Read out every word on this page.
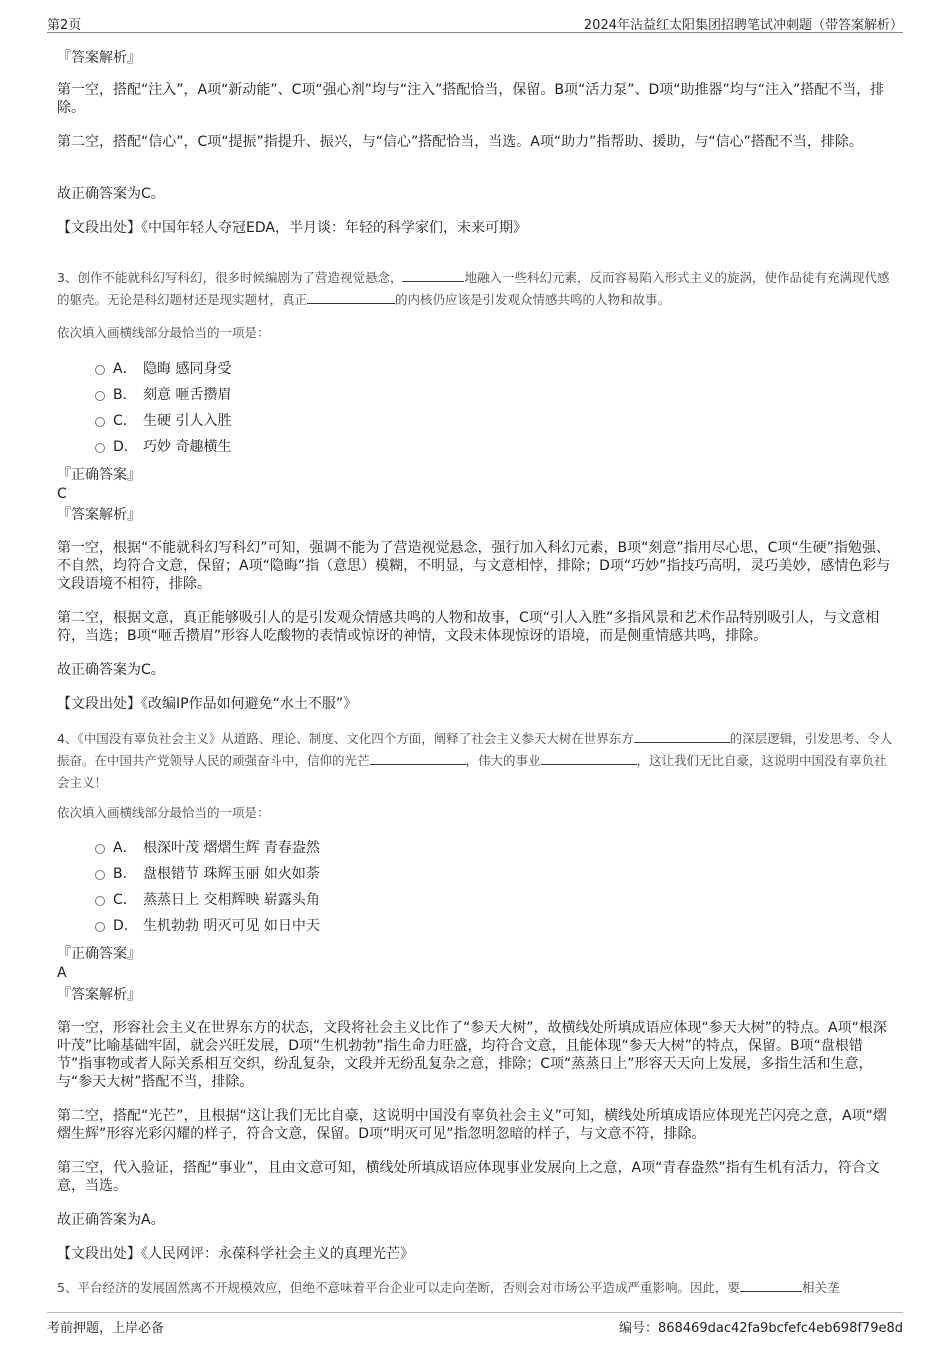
第2页	2024年沾益红太阳集团招聘笔试冲刺题（带答案解析）
『答案解析』

第一空，搭配“注入”，A项“新动能”、C项“强心剂”均与“注入”搭配恰当，保留。B项“活力泵”、D项“助推器”均与“注入”搭配不当，排除。

第二空，搭配“信心”，C项“提振”指提升、振兴，与“信心”搭配恰当，当选。A项“助力”指帮助、援助，与“信心”搭配不当，排除。

故正确答案为C。

【文段出处】《中国年轻人夺冠EDA，半月谈：年轻的科学家们，未来可期》

3、创作不能就科幻写科幻，很多时候编剧为了营造视觉悬念，	地融入一些科幻元素，反而容易陷入形式主义的旋涡，使作品徒有充满现代感的躯壳。无论是科幻题材还是现实题材，真正	的内核仍应该是引发观众情感共鸣的人物和故事。

依次填入画横线部分最恰当的一项是：

A． 隐晦 感同身受
B． 刻意 咂舌攒眉
C． 生硬 引人入胜
D． 巧妙 奇趣横生
『正确答案』
C
『答案解析』

第一空，根据“不能就科幻写科幻”可知，强调不能为了营造视觉悬念，强行加入科幻元素，B项“刻意”指用尽心思，C项“生硬”指勉强、不自然，均符合文意，保留；A项“隐晦”指（意思）模糊，不明显，与文意相悖，排除；D项“巧妙”指技巧高明，灵巧美妙，感情色彩与文段语境不相符，排除。

第二空，根据文意，真正能够吸引人的是引发观众情感共鸣的人物和故事，C项“引人入胜”多指风景和艺术作品特别吸引人，与文意相符，当选；B项“咂舌攒眉”形容人吃酸物的表情或惊讶的神情，文段未体现惊讶的语境，而是侧重情感共鸣，排除。

故正确答案为C。

【文段出处】《改编IP作品如何避免“水土不服”》

4、《中国没有辜负社会主义》从道路、理论、制度、文化四个方面，阐释了社会主义参天大树在世界东方	的深层逻辑，引发思考、令人振奋。在中国共产党领导人民的顽强奋斗中，信仰的光芒	，伟大的事业	，这让我们无比自豪，这说明中国没有辜负社会主义！

依次填入画横线部分最恰当的一项是：

A． 根深叶茂 熠熠生辉 青春盎然
B． 盘根错节 珠辉玉丽 如火如荼
C． 蒸蒸日上 交相辉映 崭露头角
D． 生机勃勃 明灭可见 如日中天
『正确答案』
A
『答案解析』

第一空，形容社会主义在世界东方的状态，文段将社会主义比作了“参天大树”，故横线处所填成语应体现“参天大树”的特点。A项“根深叶茂”比喻基础牢固，就会兴旺发展，D项“生机勃勃”指生命力旺盛，均符合文意，且能体现“参天大树”的特点，保留。B项“盘根错节”指事物或者人际关系相互交织，纷乱复杂，文段并无纷乱复杂之意，排除；C项“蒸蒸日上”形容天天向上发展，多指生活和生意，与“参天大树”搭配不当，排除。

第二空，搭配“光芒”，且根据“这让我们无比自豪，这说明中国没有辜负社会主义”可知，横线处所填成语应体现光芒闪亮之意，A项“熠熠生辉”形容光彩闪耀的样子，符合文意，保留。D项“明灭可见”指忽明忽暗的样子，与文意不符，排除。

第三空，代入验证，搭配“事业”，且由文意可知，横线处所填成语应体现事业发展向上之意，A项“青春盎然”指有生机有活力，符合文意，当选。

故正确答案为A。

【文段出处】《人民网评：永葆科学社会主义的真理光芒》

5、平台经济的发展固然离不开规模效应，但绝不意味着平台企业可以走向垄断，否则会对市场公平造成严重影响。因此，要	相关垄

考前押题，上岸必备	编号：868469dac42fa9bcfefc4eb698f79e8d
